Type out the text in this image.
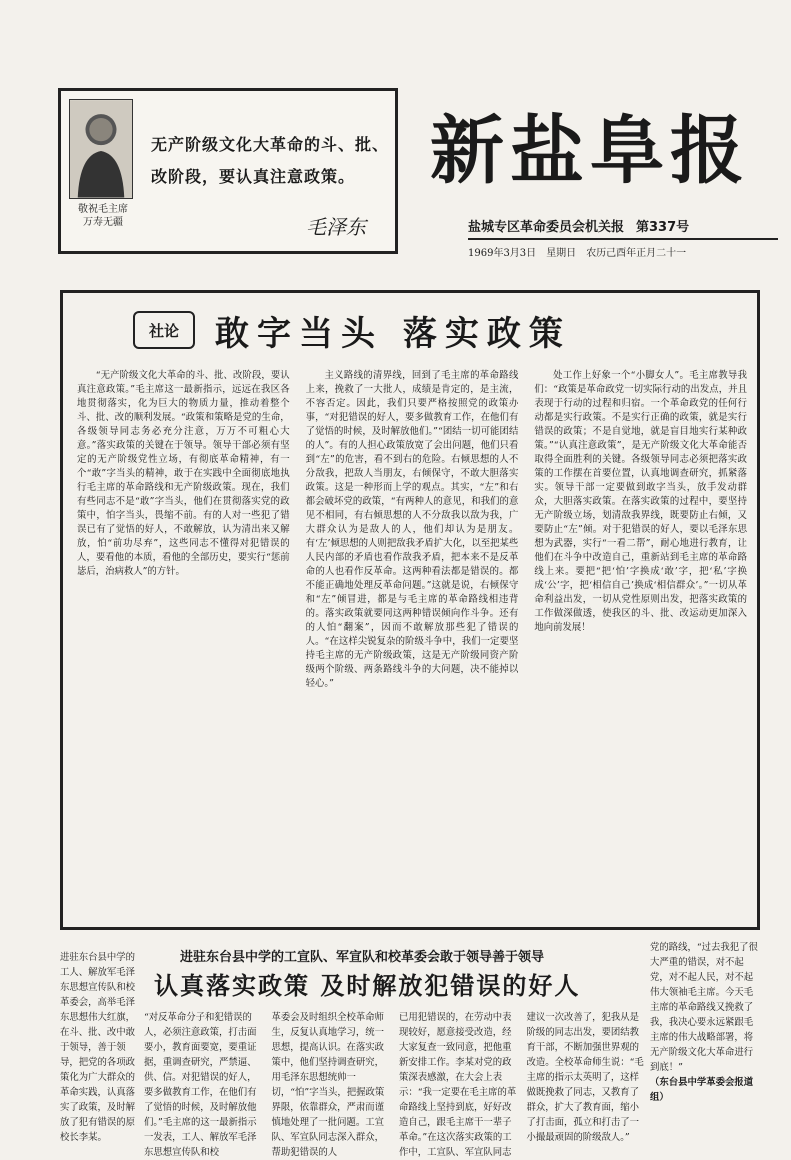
敬祝毛主席
万寿无疆
无产阶级文化大革命的斗、批、改阶段，要认真注意政策。
毛泽东
新盐阜报
盐城专区革命委员会机关报 第337号
1969年3月3日 星期日 农历己酉年正月二十一
社论	敢字当头 落实政策
“无产阶级文化大革命的斗、批、改阶段，要认真注意政策。”毛主席这一最新指示，远远在我区各地贯彻落实，化为巨大的物质力量，推动着整个斗、批、改的顺利发展。“政策和策略是党的生命，各级领导同志务必充分注意，万万不可粗心大意。”落实政策的关键在于领导。领导干部必须有坚定的无产阶级党性立场，有彻底革命精神，有一个“敢”字当头的精神，敢于在实践中全面彻底地执行毛主席的革命路线和无产阶级政策。现在，我们有些同志不是“敢”字当头，他们在贯彻落实党的政策中，怕字当头，畏缩不前。有的人对一些犯了错误已有了觉悟的好人，不敢解放，认为清出来又解放，怕“前功尽弃”，这些同志不懂得对犯错误的人，要看他的本质，看他的全部历史，要实行“惩前毖后，治病救人”的方针。
主义路线的清界线，回到了毛主席的革命路线上来，挽救了一大批人，成绩是肯定的，是主流，不容否定。因此，我们只要严格按照党的政策办事，“对犯错误的好人，要多做教育工作，在他们有了觉悟的时候，及时解放他们。”“团结一切可能团结的人”。有的人担心政策放宽了会出问题，他们只看到“左”的危害，看不到右的危险。右倾思想的人不分敌我，把敌人当朋友，右倾保守，不敢大胆落实政策。这是一种形而上学的观点。其实，“左”和右都会破坏党的政策，“有两种人的意见，和我们的意见不相同，有右倾思想的人不分敌我以敌为我，广大群众认为是敌人的人，他们却认为是朋友。有‘左’倾思想的人则把敌我矛盾扩大化，以至把某些人民内部的矛盾也看作敌我矛盾，把本来不是反革命的人也看作反革命。这两种看法都是错误的。都不能正确地处理反革命问题。”这就是说，右倾保守和“左”倾冒进，都是与毛主席的革命路线相违背的。落实政策就要同这两种错误倾向作斗争。还有的人怕“翻案”，因而不敢解放那些犯了错误的人。“在这样尖锐复杂的阶级斗争中，我们一定要坚持毛主席的无产阶级政策，这是无产阶级同资产阶级两个阶级、两条路线斗争的大问题，决不能掉以轻心。”
处工作上好象一个“小脚女人”。毛主席教导我们：“政策是革命政党一切实际行动的出发点，并且表现于行动的过程和归宿。一个革命政党的任何行动都是实行政策。不是实行正确的政策，就是实行错误的政策；不是自觉地，就是盲目地实行某种政策。”“认真注意政策”，是无产阶级文化大革命能否取得全面胜利的关键。各级领导同志必须把落实政策的工作摆在首要位置，认真地调查研究，抓紧落实。领导干部一定要做到敢字当头，放手发动群众，大胆落实政策。在落实政策的过程中，要坚持无产阶级立场，划清敌我界线，既要防止右倾，又要防止“左”倾。对于犯错误的好人，要以毛泽东思想为武器，实行“一看二帮”，耐心地进行教育，让他们在斗争中改造自己，重新站到毛主席的革命路线上来。要把“把‘怕’字换成‘敢’字，把‘私’字换成‘公’字，把‘相信自己’换成‘相信群众’。”一切从革命利益出发，一切从党性原则出发，把落实政策的工作做深做透，使我区的斗、批、改运动更加深入地向前发展！
进驻东台县中学的工人、解放军毛泽东思想宣传队和校革委会，高举毛泽东思想伟大红旗，在斗、批、改中敢于领导，善于领导，把党的各项政策化为广大群众的革命实践，认真落实了政策，及时解放了犯有错误的原校长李某。
进驻东台县中学的工宣队、军宣队和校革委会敢于领导善于领导
认真落实政策 及时解放犯错误的好人
“对反革命分子和犯错误的人，必须注意政策，打击面要小，教育面要宽，要重证据，重调查研究，严禁逼、供、信。对犯错误的好人，要多做教育工作，在他们有了觉悟的时候，及时解放他们。”毛主席的这一最新指示一发表，工人、解放军毛泽东思想宣传队和校
革委会及时组织全校革命师生，反复认真地学习，统一思想，提高认识。在落实政策中，他们坚持调查研究，用毛泽东思想统帅一切，“怕”字当头，把握政策界限，依靠群众，严肃而谨慎地处理了一批问题。工宣队、军宣队同志深入群众，帮助犯错误的人
已用犯错误的，在劳动中表现较好，愿意接受改造，经大家复查一致同意，把他重新安排工作。李某对党的政策深表感激，在大会上表示：“我一定要在毛主席的革命路线上坚持到底，好好改造自己，跟毛主席干一辈子革命。”在这次落实政策的工作中，工宣队、军宣队同志
建议一次改善了，犯我从是阶级的同志出发，要团结教育干部，不断加强世界观的改造。全校革命师生说：“毛主席的指示太英明了，这样做既挽救了同志，又教育了群众，扩大了教育面，缩小了打击面，孤立和打击了一小撮最顽固的阶级敌人。”
党的路线，“过去我犯了很大严重的错误，对不起党，对不起人民，对不起伟大领袖毛主席。今天毛主席的革命路线又挽救了我，我决心要永远紧跟毛主席的伟大战略部署，将无产阶级文化大革命进行到底！”
（东台县中学革委会报道组）
